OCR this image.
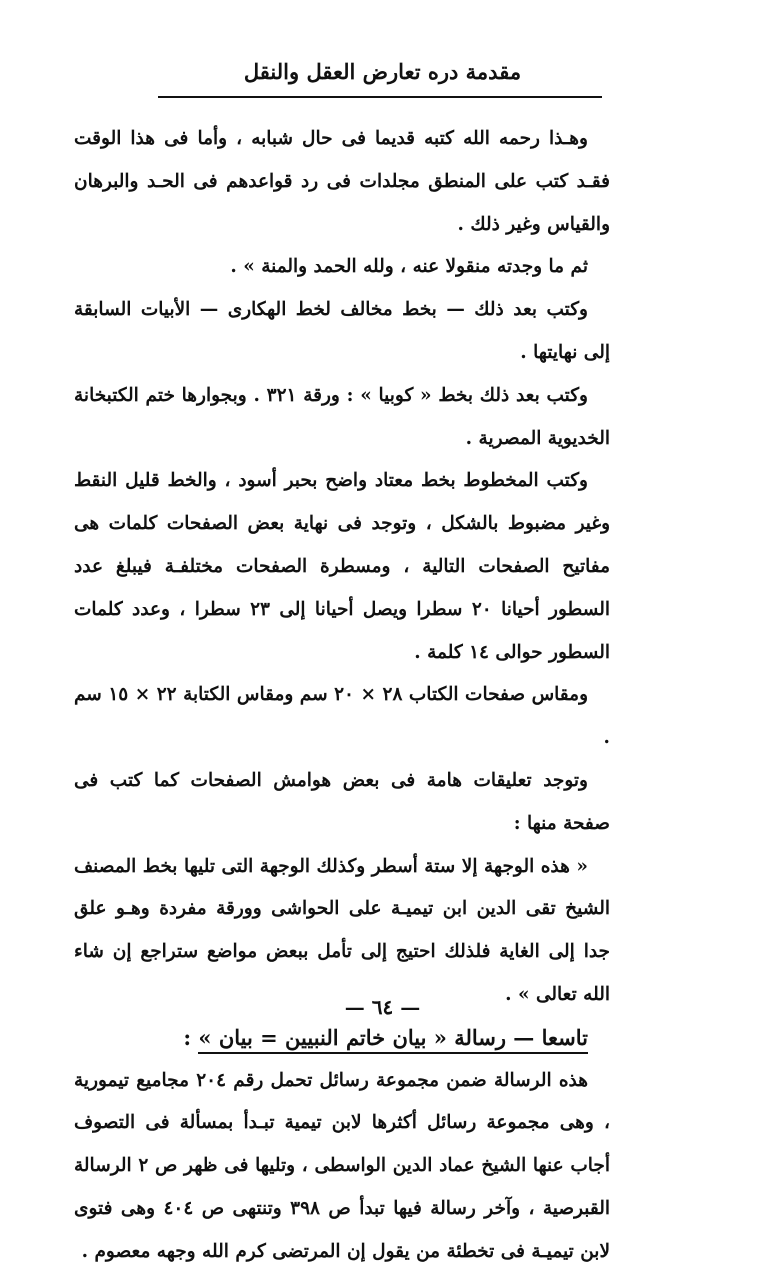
مقدمة دره تعارض العقل والنقل

وهـذا رحمه الله كتبه قديما فى حال شبابه ، وأما فى هذا الوقت فقـد كتب على المنطق مجلدات فى رد قواعدهم فى الحـد والبرهان والقياس وغير ذلك .

ثم ما وجدته منقولا عنه ، ولله الحمد والمنة » .

وكتب بعد ذلك — بخط مخالف لخط الهكارى — الأبيات السابقة إلى نهايتها .

وكتب بعد ذلك بخط « كوبيا » : ورقة ٣٢١ . وبجوارها ختم الكتبخانة الخديوية المصرية .

وكتب المخطوط بخط معتاد واضح بحبر أسود ، والخط قليل النقط وغير مضبوط بالشكل ، وتوجد فى نهاية بعض الصفحات كلمات هى مفاتيح الصفحات التالية ، ومسطرة الصفحات مختلفـة فيبلغ عدد السطور أحيانا ٢٠ سطرا ويصل أحيانا إلى ٢٣ سطرا ، وعدد كلمات السطور حوالى ١٤ كلمة .

ومقاس صفحات الكتاب ٢٨ × ٢٠ سم ومقاس الكتابة ٢٢ × ١٥ سم .

وتوجد تعليقات هامة فى بعض هوامش الصفحات كما كتب فى صفحة منها :

« هذه الوجهة إلا ستة أسطر وكذلك الوجهة التى تليها بخط المصنف الشيخ تقى الدين ابن تيميـة على الحواشى وورقة مفردة وهـو علق جدا إلى الغاية فلذلك احتيج إلى تأمل ببعض مواضع ستراجع إن شاء الله تعالى » .

تاسعا — رسالة « بيان خاتم النبيين = بيان » :

هذه الرسالة ضمن مجموعة رسائل تحمل رقم ٢٠٤ مجاميع تيمورية ، وهى مجموعة رسائل أكثرها لابن تيمية تبـدأ بمسألة فى التصوف أجاب عنها الشيخ عماد الدين الواسطى ، وتليها فى ظهر ص ٢ الرسالة القبرصية ، وآخر رسالة فيها تبدأ ص ٣٩٨ وتنتهى ص ٤٠٤ وهى فتوى لابن تيميـة فى تخطئة من يقول إن المرتضى كرم الله وجهه معصوم .

— ٦٤ —
